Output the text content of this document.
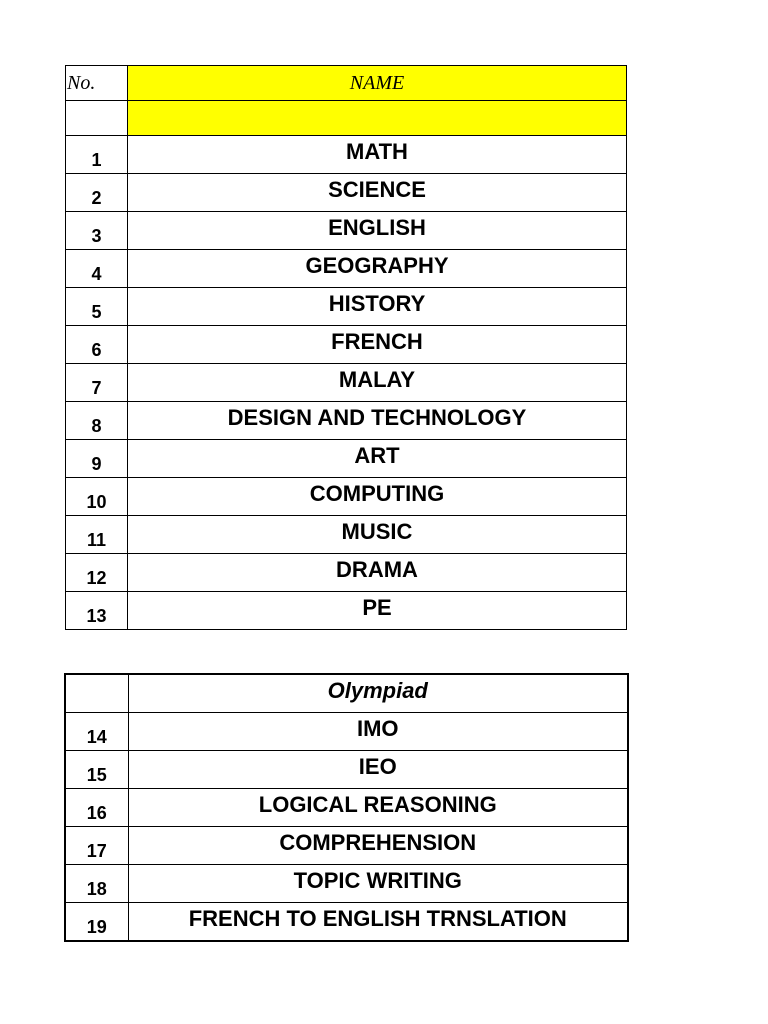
No.	NAME

1	MATH
2	SCIENCE
3	ENGLISH
4	GEOGRAPHY
5	HISTORY
6	FRENCH
7	MALAY
8	DESIGN AND TECHNOLOGY
9	ART
10	COMPUTING
11	MUSIC
12	DRAMA
13	PE
	Olympiad
14	IMO
15	IEO
16	LOGICAL REASONING
17	COMPREHENSION
18	TOPIC WRITING
19	FRENCH TO ENGLISH TRNSLATION
